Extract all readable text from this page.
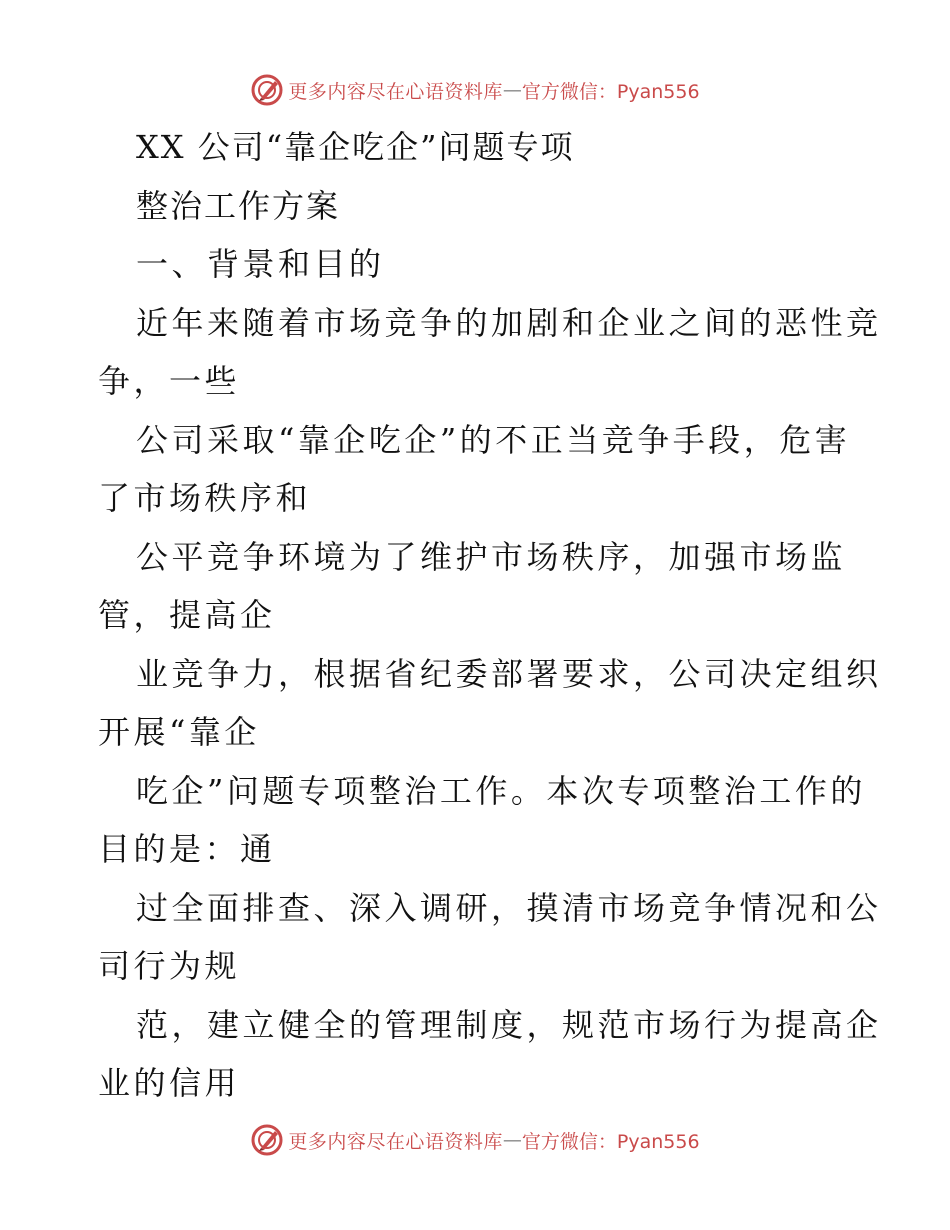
更多内容尽在心语资料库 — 官方微信：Pyan556
XX 公司“靠企吃企”问题专项
整治工作方案
一、背景和目的
近年来随着市场竞争的加剧和企业之间的恶性竞
争，一些
公司采取“靠企吃企”的不正当竞争手段，危害
了市场秩序和
公平竞争环境为了维护市场秩序，加强市场监
管，提高企
业竞争力，根据省纪委部署要求，公司决定组织
开展“靠企
吃企”问题专项整治工作。本次专项整治工作的
目的是：通
过全面排查、深入调研，摸清市场竞争情况和公
司行为规
范，建立健全的管理制度，规范市场行为提高企
业的信用
更多内容尽在心语资料库 — 官方微信：Pyan556
